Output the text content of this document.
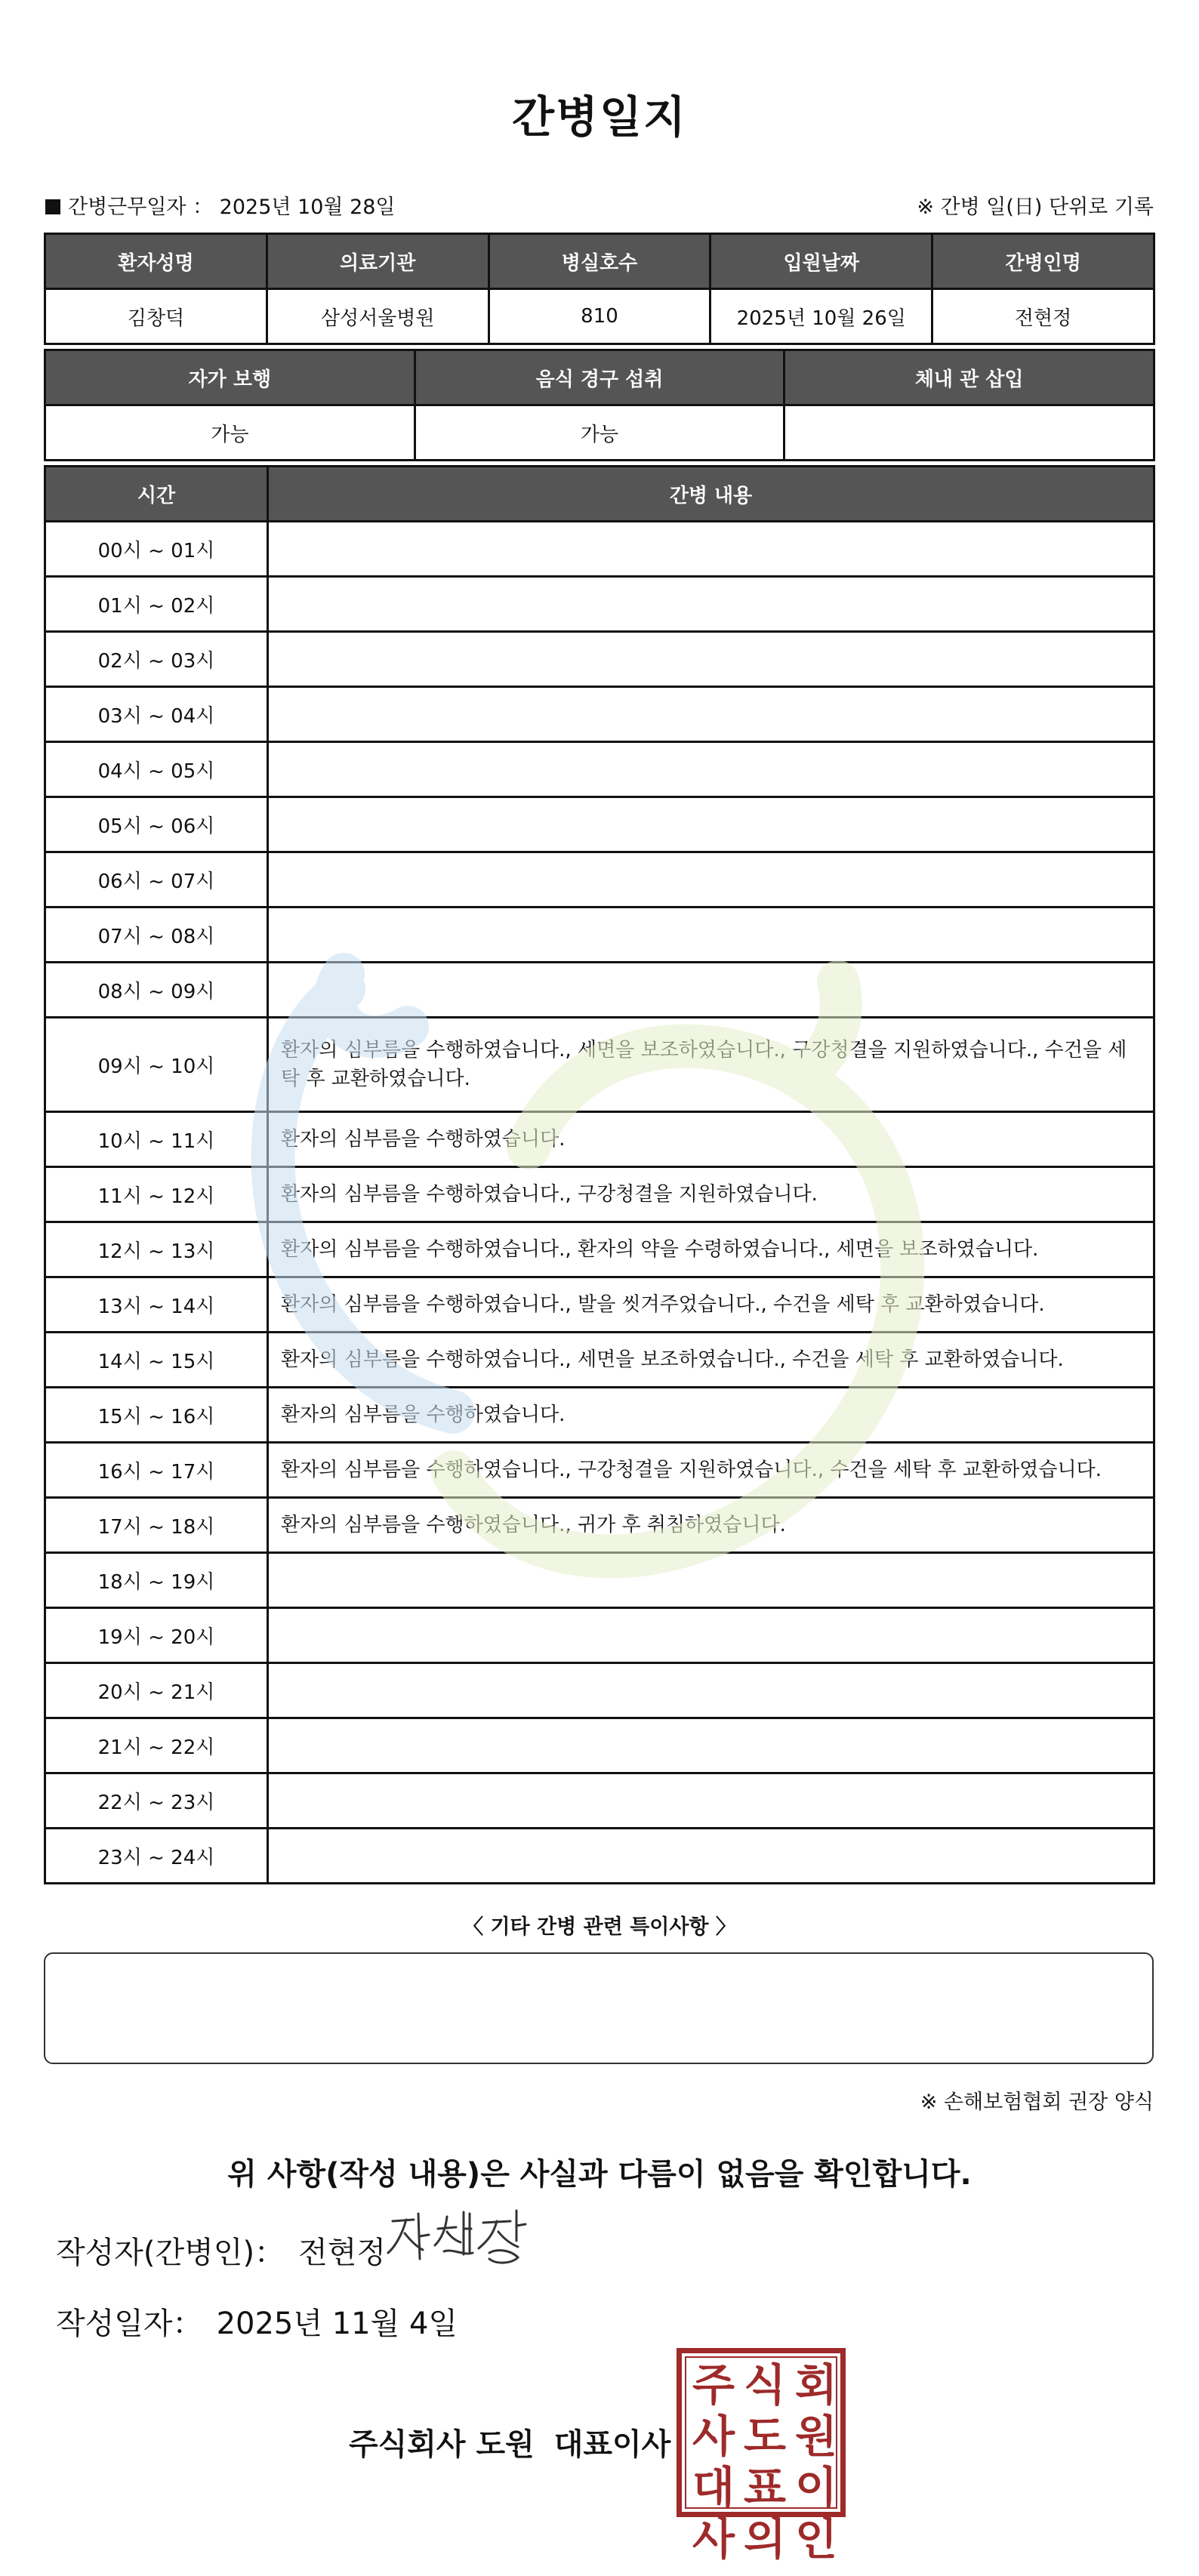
간병일지
간병근무일자 ： 2025년 10월 28일	※ 간병 일(日) 단위로 기록
환자성명	의료기관	병실호수	입원날짜	간병인명
김창덕	삼성서울병원	810	2025년 10월 26일	전현정
자가 보행	음식 경구 섭취	체내 관 삽입
가능	가능	
시간	간병 내용
00시 ~ 01시	
01시 ~ 02시	
02시 ~ 03시	
03시 ~ 04시	
04시 ~ 05시	
05시 ~ 06시	
06시 ~ 07시	
07시 ~ 08시	
08시 ~ 09시	
09시 ~ 10시	환자의 심부름을 수행하였습니다., 세면을 보조하였습니다., 구강청결을 지원하였습니다., 수건을 세탁 후 교환하였습니다.
10시 ~ 11시	환자의 심부름을 수행하였습니다.
11시 ~ 12시	환자의 심부름을 수행하였습니다., 구강청결을 지원하였습니다.
12시 ~ 13시	환자의 심부름을 수행하였습니다., 환자의 약을 수령하였습니다., 세면을 보조하였습니다.
13시 ~ 14시	환자의 심부름을 수행하였습니다., 발을 씻겨주었습니다., 수건을 세탁 후 교환하였습니다.
14시 ~ 15시	환자의 심부름을 수행하였습니다., 세면을 보조하였습니다., 수건을 세탁 후 교환하였습니다.
15시 ~ 16시	환자의 심부름을 수행하였습니다.
16시 ~ 17시	환자의 심부름을 수행하였습니다., 구강청결을 지원하였습니다., 수건을 세탁 후 교환하였습니다.
17시 ~ 18시	환자의 심부름을 수행하였습니다., 귀가 후 취침하였습니다.
18시 ~ 19시	
19시 ~ 20시	
20시 ~ 21시	
21시 ~ 22시	
22시 ~ 23시	
23시 ~ 24시	
〈 기타 간병 관련 특이사항 〉
※ 손해보험협회 권장 양식
위 사항(작성 내용)은 사실과 다름이 없음을 확인합니다.
작성자(간병인)： 전현정
작성일자： 2025년 11월 4일
주식회사 도원 대표이사
주 식 회
사 도 원
대 표 이
사 의 인
